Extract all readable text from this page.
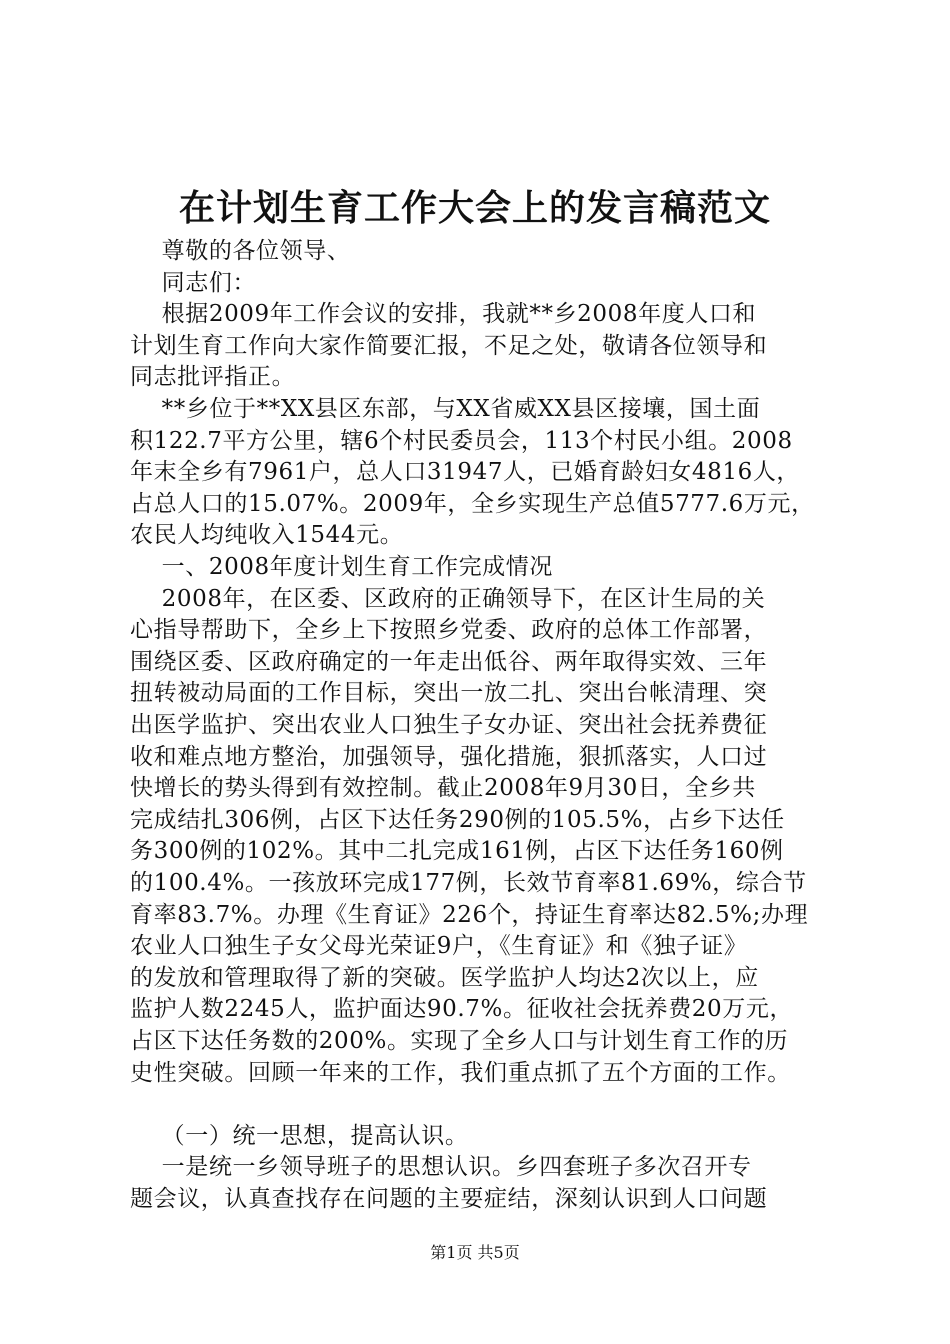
在计划生育工作大会上的发言稿范文
尊敬的各位领导、
同志们：
根据2009年工作会议的安排，我就**乡2008年度人口和
计划生育工作向大家作简要汇报，不足之处，敬请各位领导和
同志批评指正。
**乡位于**XX县区东部，与XX省威XX县区接壤，国土面
积122.7平方公里，辖6个村民委员会，113个村民小组。2008
年末全乡有7961户，总人口31947人，已婚育龄妇女4816人，
占总人口的15.07%。2009年，全乡实现生产总值5777.6万元，
农民人均纯收入1544元。
一、2008年度计划生育工作完成情况
2008年，在区委、区政府的正确领导下，在区计生局的关
心指导帮助下，全乡上下按照乡党委、政府的总体工作部署，
围绕区委、区政府确定的一年走出低谷、两年取得实效、三年
扭转被动局面的工作目标，突出一放二扎、突出台帐清理、突
出医学监护、突出农业人口独生子女办证、突出社会抚养费征
收和难点地方整治，加强领导，强化措施，狠抓落实，人口过
快增长的势头得到有效控制。截止2008年9月30日，全乡共
完成结扎306例，占区下达任务290例的105.5%，占乡下达任
务300例的102%。其中二扎完成161例，占区下达任务160例
的100.4%。一孩放环完成177例，长效节育率81.69%，综合节
育率83.7%。办理《生育证》226个，持证生育率达82.5%;办理
农业人口独生子女父母光荣证9户，《生育证》和《独子证》
的发放和管理取得了新的突破。医学监护人均达2次以上，应
监护人数2245人，监护面达90.7%。征收社会抚养费20万元，
占区下达任务数的200%。实现了全乡人口与计划生育工作的历
史性突破。回顾一年来的工作，我们重点抓了五个方面的工作。
（一）统一思想，提高认识。
一是统一乡领导班子的思想认识。乡四套班子多次召开专
题会议，认真查找存在问题的主要症结，深刻认识到人口问题
第1页 共5页
